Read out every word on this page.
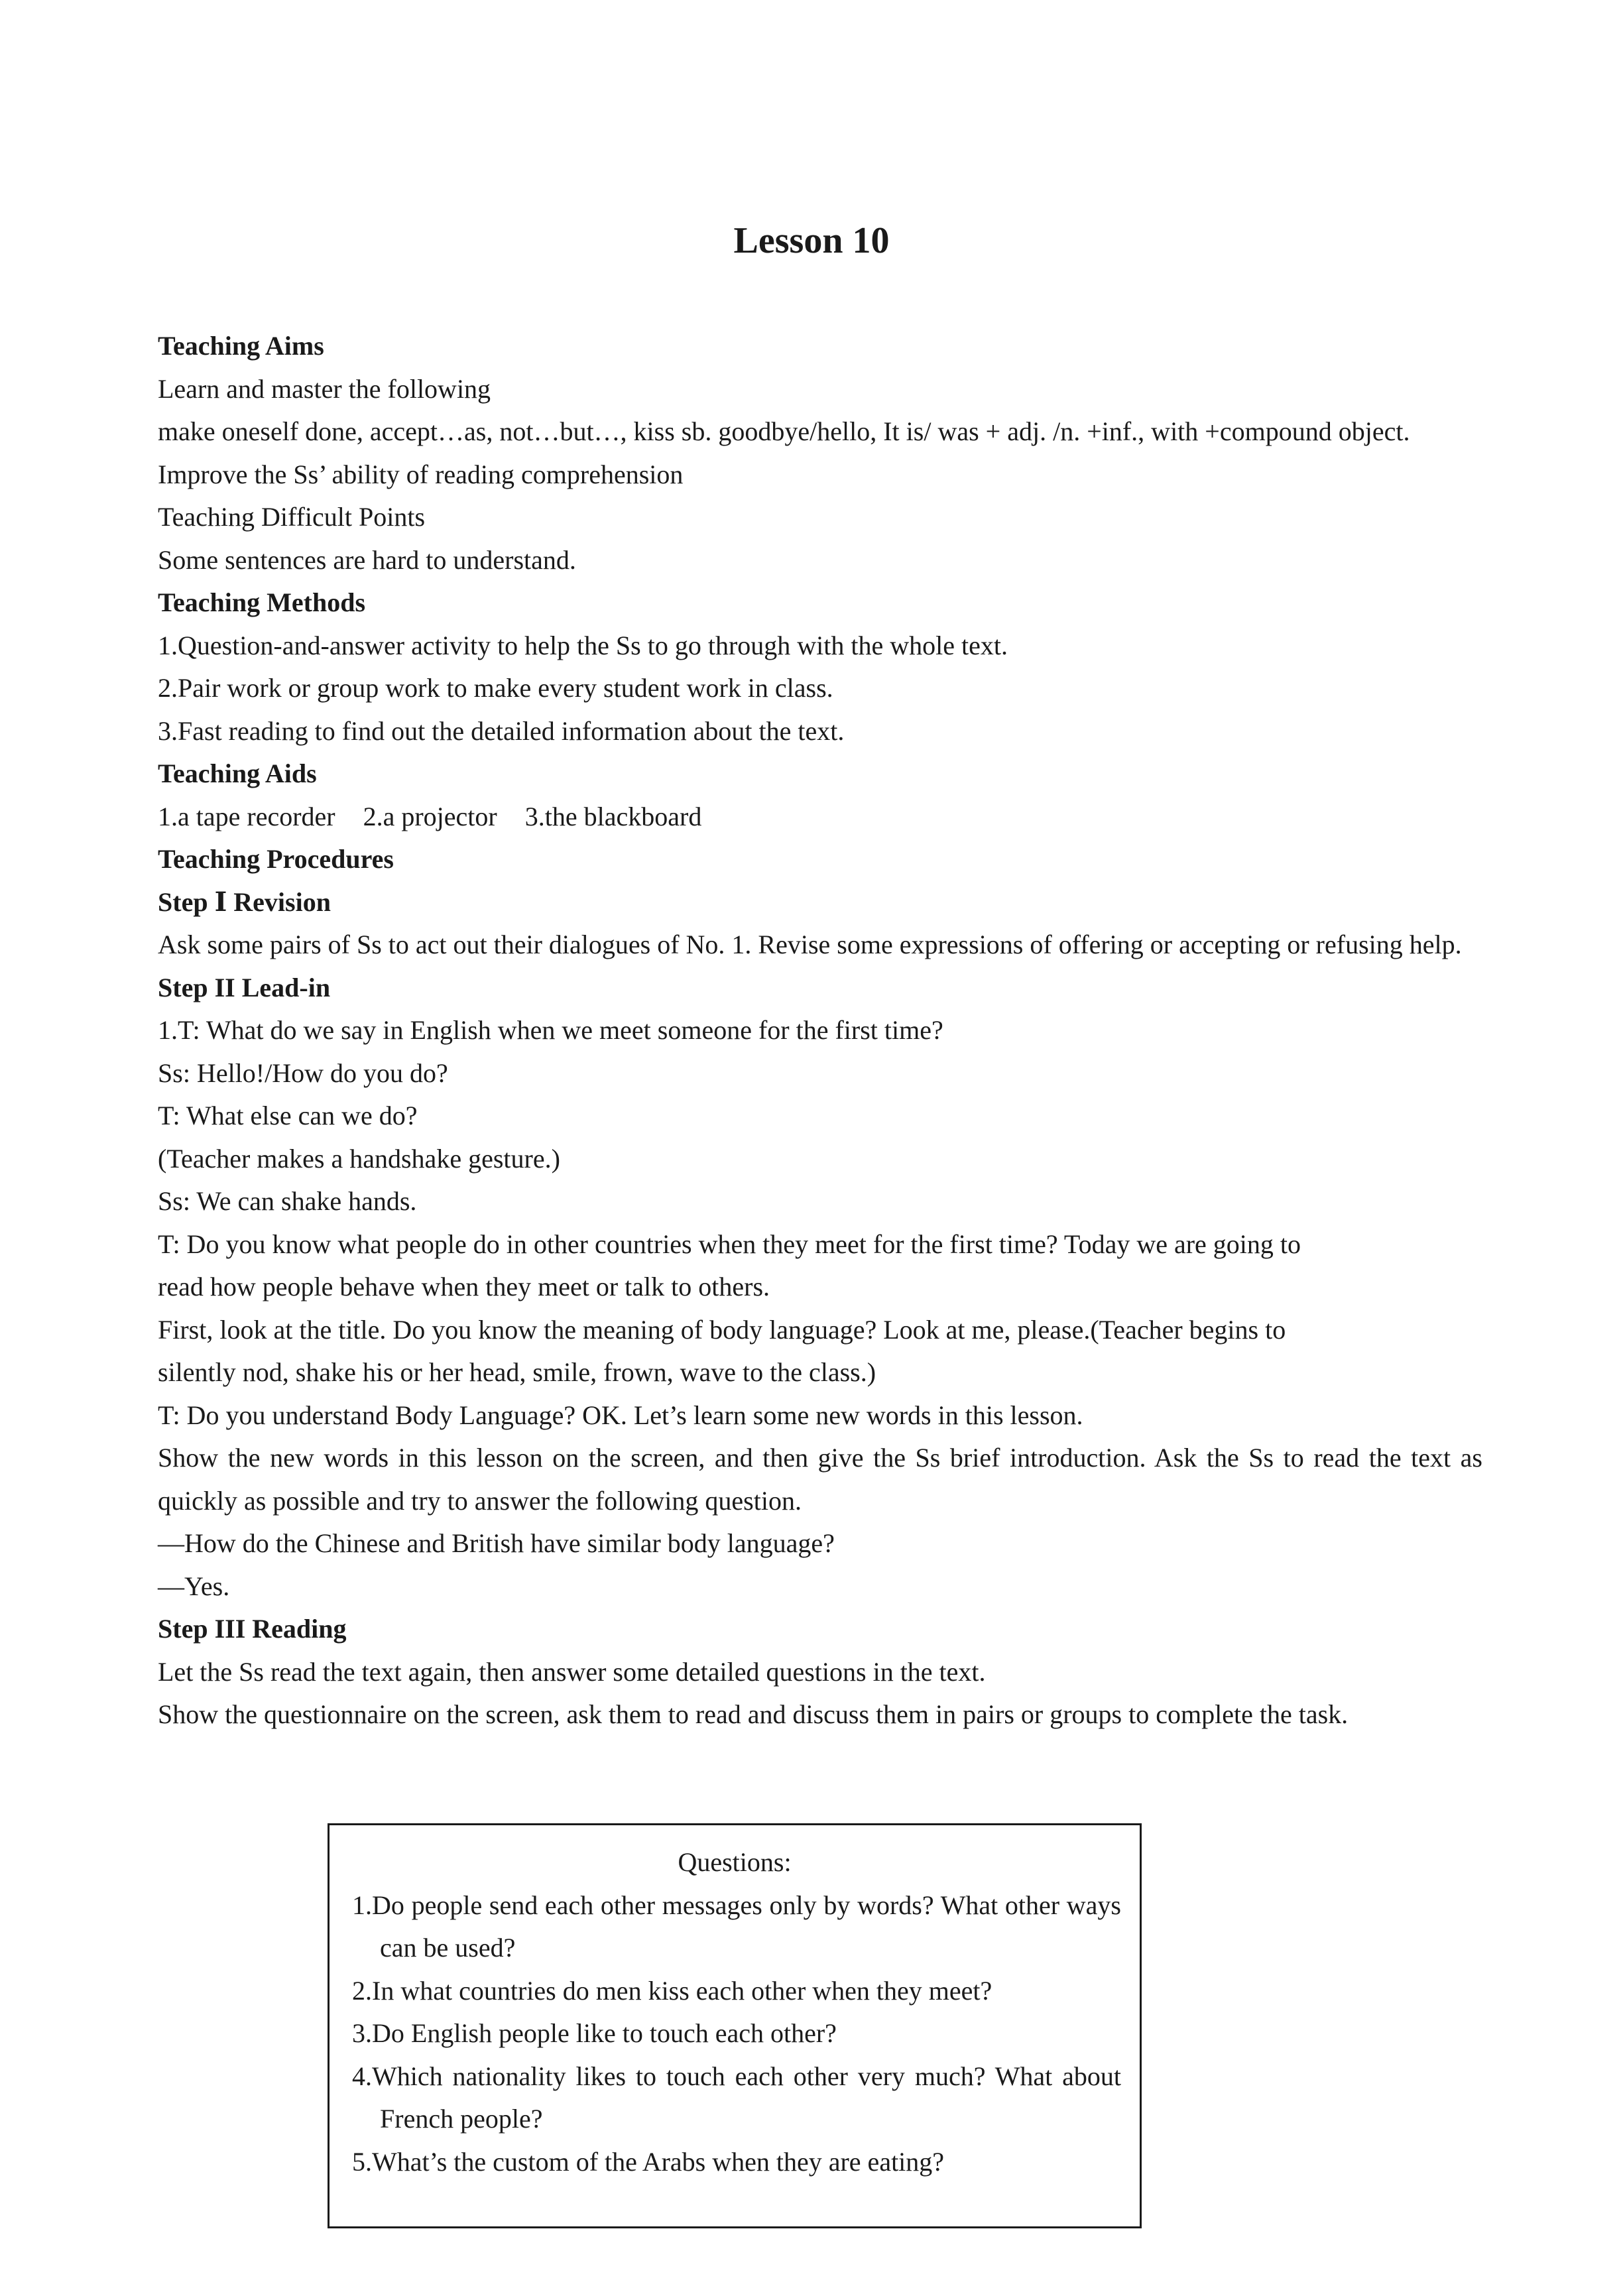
Lesson 10

Teaching Aims

Learn and master the following

make oneself done, accept…as, not…but…, kiss sb. goodbye/hello, It is/ was + adj. /n. +inf., with +compound object.

Improve the Ss’ ability of reading comprehension

Teaching Difficult Points

Some sentences are hard to understand.

Teaching Methods

1.Question-and-answer activity to help the Ss to go through with the whole text.

2.Pair work or group work to make every student work in class.

3.Fast reading to find out the detailed information about the text.

Teaching Aids

1.a tape recorder 2.a projector 3.the blackboard

Teaching Procedures

Step Ⅰ Revision

Ask some pairs of Ss to act out their dialogues of No. 1. Revise some expressions of offering or accepting or refusing help.

Step II Lead-in

1.T: What do we say in English when we meet someone for the first time?

Ss: Hello!/How do you do?

T: What else can we do?

(Teacher makes a handshake gesture.)

Ss: We can shake hands.

T: Do you know what people do in other countries when they meet for the first time? Today we are going to

read how people behave when they meet or talk to others.

First, look at the title. Do you know the meaning of body language? Look at me, please.(Teacher begins to

silently nod, shake his or her head, smile, frown, wave to the class.)

T: Do you understand Body Language? OK. Let’s learn some new words in this lesson.

Show the new words in this lesson on the screen, and then give the Ss brief introduction. Ask the Ss to read the text as quickly as possible and try to answer the following question.

—How do the Chinese and British have similar body language?

—Yes.

Step III Reading

Let the Ss read the text again, then answer some detailed questions in the text.

Show the questionnaire on the screen, ask them to read and discuss them in pairs or groups to complete the task.

Questions:
1.Do people send each other messages only by words? What other ways can be used?
2.In what countries do men kiss each other when they meet?
3.Do English people like to touch each other?
4.Which nationality likes to touch each other very much? What about French people?
5.What’s the custom of the Arabs when they are eating?
